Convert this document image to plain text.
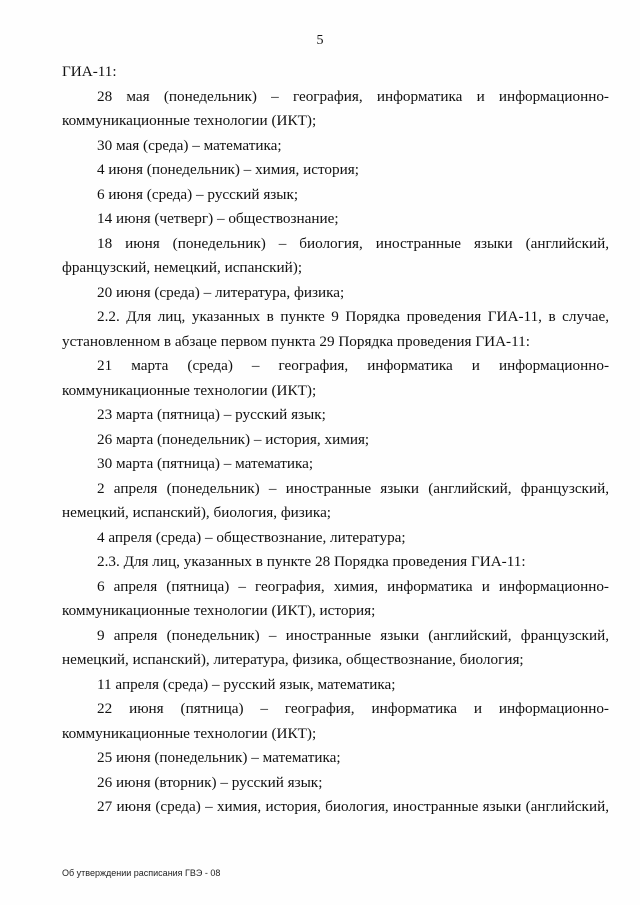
5
ГИА-11:
28 мая (понедельник) – география, информатика и информационно-
коммуникационные технологии (ИКТ);
30 мая (среда) – математика;
4 июня (понедельник) – химия, история;
6 июня (среда) – русский язык;
14 июня (четверг) – обществознание;
18 июня (понедельник) – биология, иностранные языки (английский,
французский, немецкий, испанский);
20 июня (среда) – литература, физика;
2.2. Для лиц, указанных в пункте 9 Порядка проведения ГИА-11, в случае,
установленном в абзаце первом пункта 29 Порядка проведения ГИА-11:
21 марта (среда) – география, информатика и информационно-
коммуникационные технологии (ИКТ);
23 марта (пятница) – русский язык;
26 марта (понедельник) – история, химия;
30 марта (пятница) – математика;
2 апреля (понедельник) – иностранные языки (английский, французский,
немецкий, испанский), биология, физика;
4 апреля (среда) – обществознание, литература;
2.3. Для лиц, указанных в пункте 28 Порядка проведения ГИА-11:
6 апреля (пятница) – география, химия, информатика и информационно-
коммуникационные технологии (ИКТ), история;
9 апреля (понедельник) – иностранные языки (английский, французский,
немецкий, испанский), литература, физика, обществознание, биология;
11 апреля (среда) – русский язык, математика;
22 июня (пятница) – география, информатика и информационно-
коммуникационные технологии (ИКТ);
25 июня (понедельник) – математика;
26 июня (вторник) – русский язык;
27 июня (среда) – химия, история, биология, иностранные языки (английский,
Об утверждении расписания ГВЭ - 08
